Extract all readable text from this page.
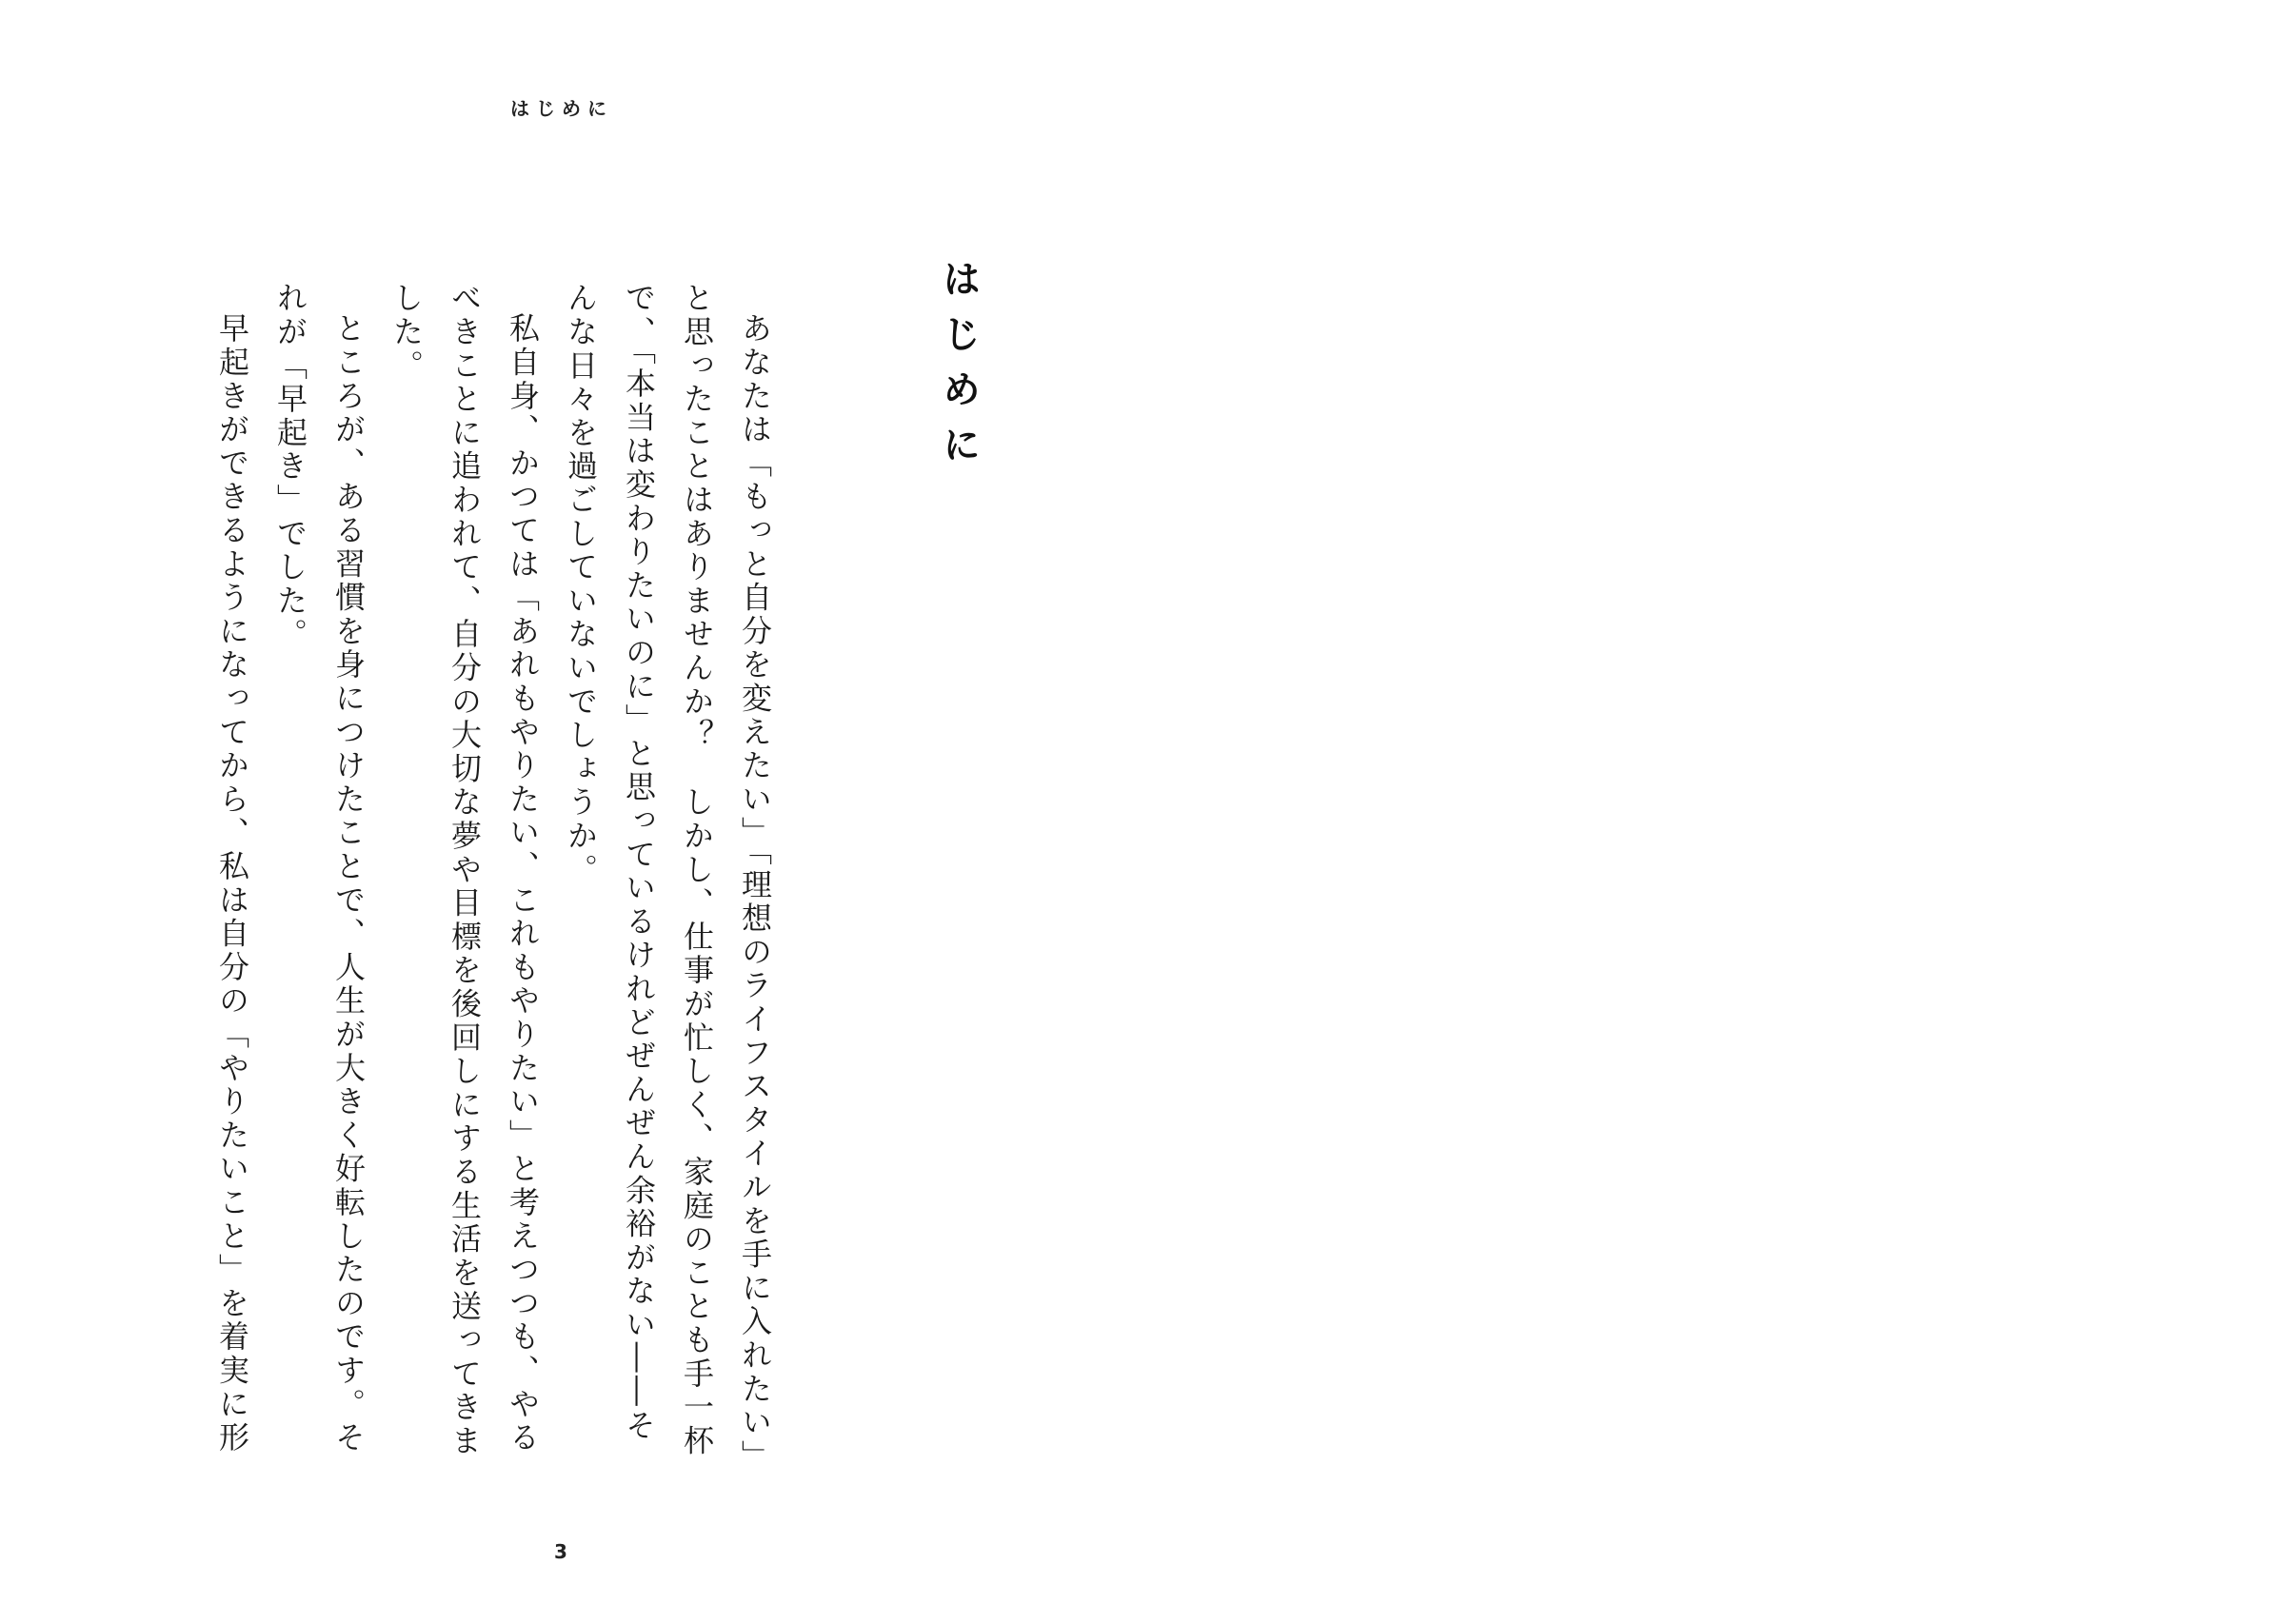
はじめに
はじめに

あなたは「もっと自分を変えたい」「理想のライフスタイルを手に入れたい」と思ったことはありませんか？　しかし、仕事が忙しく、家庭のことも手一杯で、「本当は変わりたいのに」と思っているけれどぜんぜん余裕がない――そんな日々を過ごしていないでしょうか。

私自身、かつては「あれもやりたい、これもやりたい」と考えつつも、やるべきことに追われて、自分の大切な夢や目標を後回しにする生活を送ってきました。

ところが、ある習慣を身につけたことで、人生が大きく好転したのです。それが「早起き」でした。

早起きができるようになってから、私は自分の「やりたいこと」を着実に形

3
